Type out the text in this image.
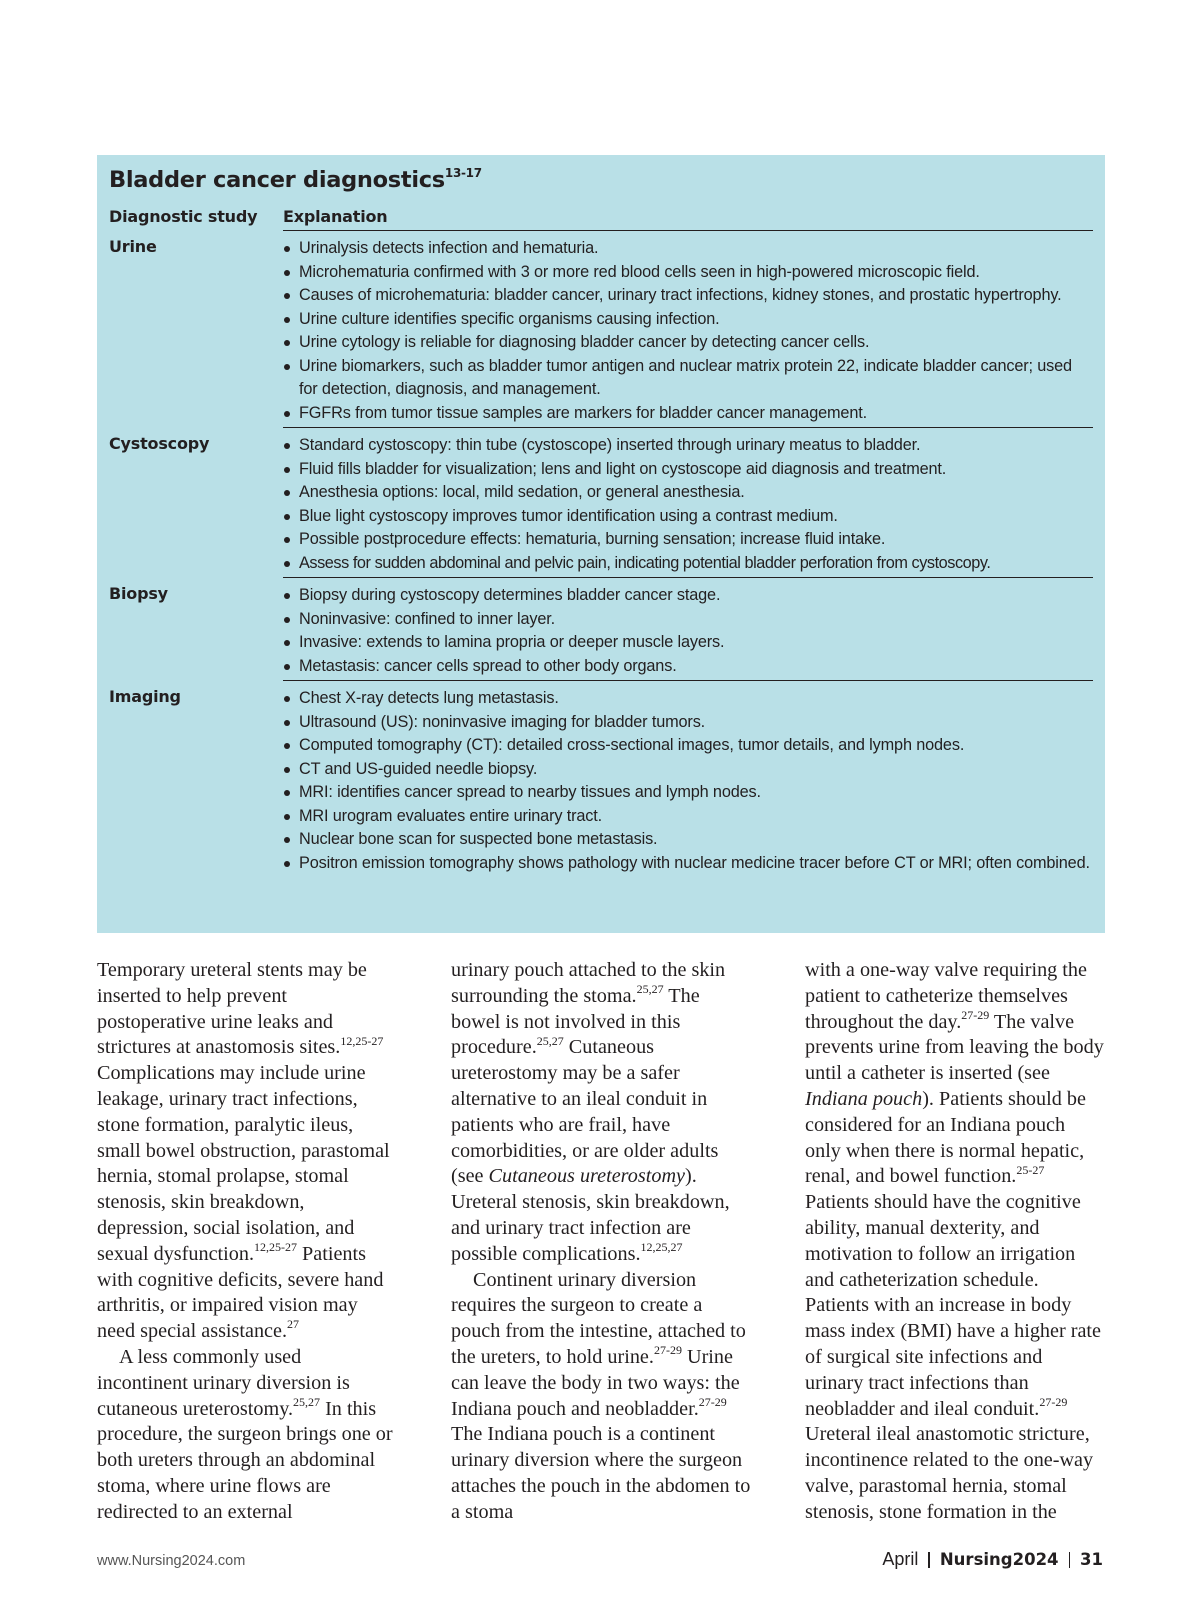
Bladder cancer diagnostics$^{13-17}$
Diagnostic study	Explanation
Urine	Urinalysis detects infection and hematuria.
Microhematuria confirmed with 3 or more red blood cells seen in high-powered microscopic field.
Causes of microhematuria: bladder cancer, urinary tract infections, kidney stones, and prostatic hypertrophy.
Urine culture identifies specific organisms causing infection.
Urine cytology is reliable for diagnosing bladder cancer by detecting cancer cells.
Urine biomarkers, such as bladder tumor antigen and nuclear matrix protein 22, indicate bladder cancer; used for detection, diagnosis, and management.
FGFRs from tumor tissue samples are markers for bladder cancer management.
Cystoscopy	Standard cystoscopy: thin tube (cystoscope) inserted through urinary meatus to bladder.
Fluid fills bladder for visualization; lens and light on cystoscope aid diagnosis and treatment.
Anesthesia options: local, mild sedation, or general anesthesia.
Blue light cystoscopy improves tumor identification using a contrast medium.
Possible postprocedure effects: hematuria, burning sensation; increase fluid intake.
Assess for sudden abdominal and pelvic pain, indicating potential bladder perforation from cystoscopy.
Biopsy	Biopsy during cystoscopy determines bladder cancer stage.
Noninvasive: confined to inner layer.
Invasive: extends to lamina propria or deeper muscle layers.
Metastasis: cancer cells spread to other body organs.
Imaging	Chest X-ray detects lung metastasis.
Ultrasound (US): noninvasive imaging for bladder tumors.
Computed tomography (CT): detailed cross-sectional images, tumor details, and lymph nodes.
CT and US-guided needle biopsy.
MRI: identifies cancer spread to nearby tissues and lymph nodes.
MRI urogram evaluates entire urinary tract.
Nuclear bone scan for suspected bone metastasis.
Positron emission tomography shows pathology with nuclear medicine tracer before CT or MRI; often combined.

Temporary ureteral stents may be inserted to help prevent postoperative urine leaks and strictures at anastomosis sites.$^{12,25-27}$ Complications may include urine leakage, urinary tract infections, stone formation, paralytic ileus, small bowel obstruction, parastomal hernia, stomal prolapse, stomal stenosis, skin breakdown, depression, social isolation, and sexual dysfunction.$^{12,25-27}$ Patients with cognitive deficits, severe hand arthritis, or impaired vision may need special assistance.$^{27}$

A less commonly used incontinent urinary diversion is cutaneous ureterostomy.$^{25,27}$ In this procedure, the surgeon brings one or both ureters through an abdominal stoma, where urine flows are redirected to an external

urinary pouch attached to the skin surrounding the stoma.$^{25,27}$ The bowel is not involved in this procedure.$^{25,27}$ Cutaneous ureterostomy may be a safer alternative to an ileal conduit in patients who are frail, have comorbidities, or are older adults (see Cutaneous ureterostomy). Ureteral stenosis, skin breakdown, and urinary tract infection are possible complications.$^{12,25,27}$

Continent urinary diversion requires the surgeon to create a pouch from the intestine, attached to the ureters, to hold urine.$^{27-29}$ Urine can leave the body in two ways: the Indiana pouch and neobladder.$^{27-29}$ The Indiana pouch is a continent urinary diversion where the surgeon attaches the pouch in the abdomen to a stoma

with a one-way valve requiring the patient to catheterize themselves throughout the day.$^{27-29}$ The valve prevents urine from leaving the body until a catheter is inserted (see Indiana pouch). Patients should be considered for an Indiana pouch only when there is normal hepatic, renal, and bowel function.$^{25-27}$ Patients should have the cognitive ability, manual dexterity, and motivation to follow an irrigation and catheterization schedule. Patients with an increase in body mass index (BMI) have a higher rate of surgical site infections and urinary tract infections than neobladder and ileal conduit.$^{27-29}$ Ureteral ileal anastomotic stricture, incontinence related to the one-way valve, parastomal hernia, stomal stenosis, stone formation in the

www.Nursing2024.com	April Nursing2024 31
